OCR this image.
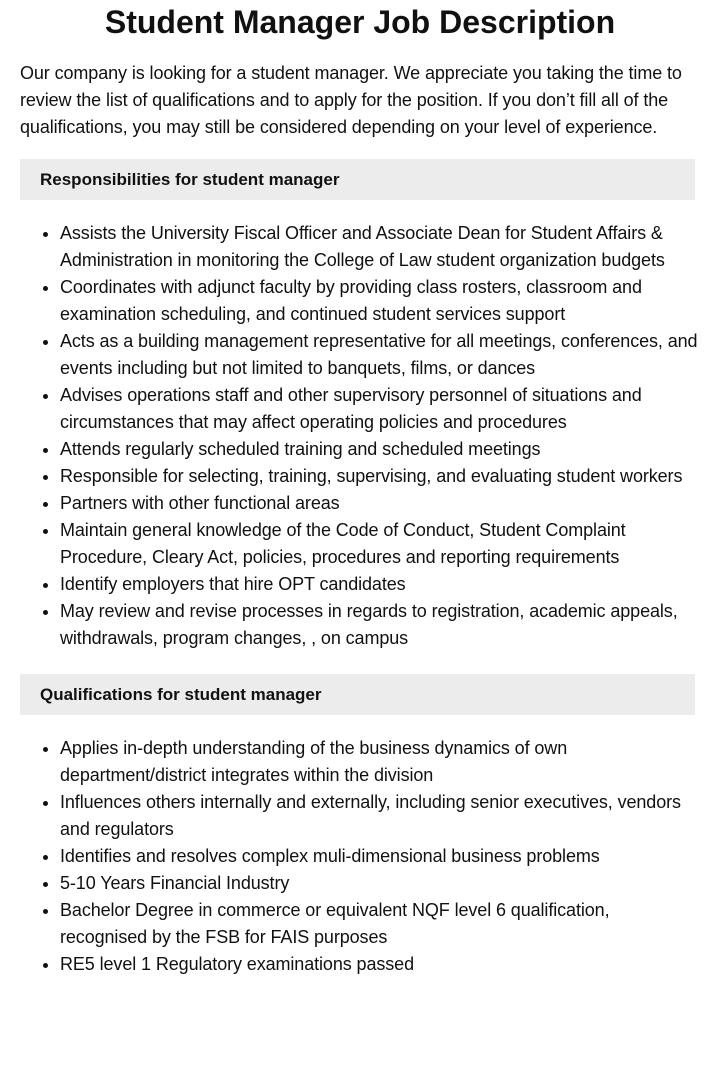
Student Manager Job Description

Our company is looking for a student manager. We appreciate you taking the time to review the list of qualifications and to apply for the position. If you don’t fill all of the qualifications, you may still be considered depending on your level of experience.

Responsibilities for student manager
• Assists the University Fiscal Officer and Associate Dean for Student Affairs & Administration in monitoring the College of Law student organization budgets
• Coordinates with adjunct faculty by providing class rosters, classroom and examination scheduling, and continued student services support
• Acts as a building management representative for all meetings, conferences, and events including but not limited to banquets, films, or dances
• Advises operations staff and other supervisory personnel of situations and circumstances that may affect operating policies and procedures
• Attends regularly scheduled training and scheduled meetings
• Responsible for selecting, training, supervising, and evaluating student workers
• Partners with other functional areas
• Maintain general knowledge of the Code of Conduct, Student Complaint Procedure, Cleary Act, policies, procedures and reporting requirements
• Identify employers that hire OPT candidates
• May review and revise processes in regards to registration, academic appeals, withdrawals, program changes, , on campus
Qualifications for student manager
• Applies in-depth understanding of the business dynamics of own department/district integrates within the division
• Influences others internally and externally, including senior executives, vendors and regulators
• Identifies and resolves complex muli-dimensional business problems
• 5-10 Years Financial Industry
• Bachelor Degree in commerce or equivalent NQF level 6 qualification, recognised by the FSB for FAIS purposes
• RE5 level 1 Regulatory examinations passed
